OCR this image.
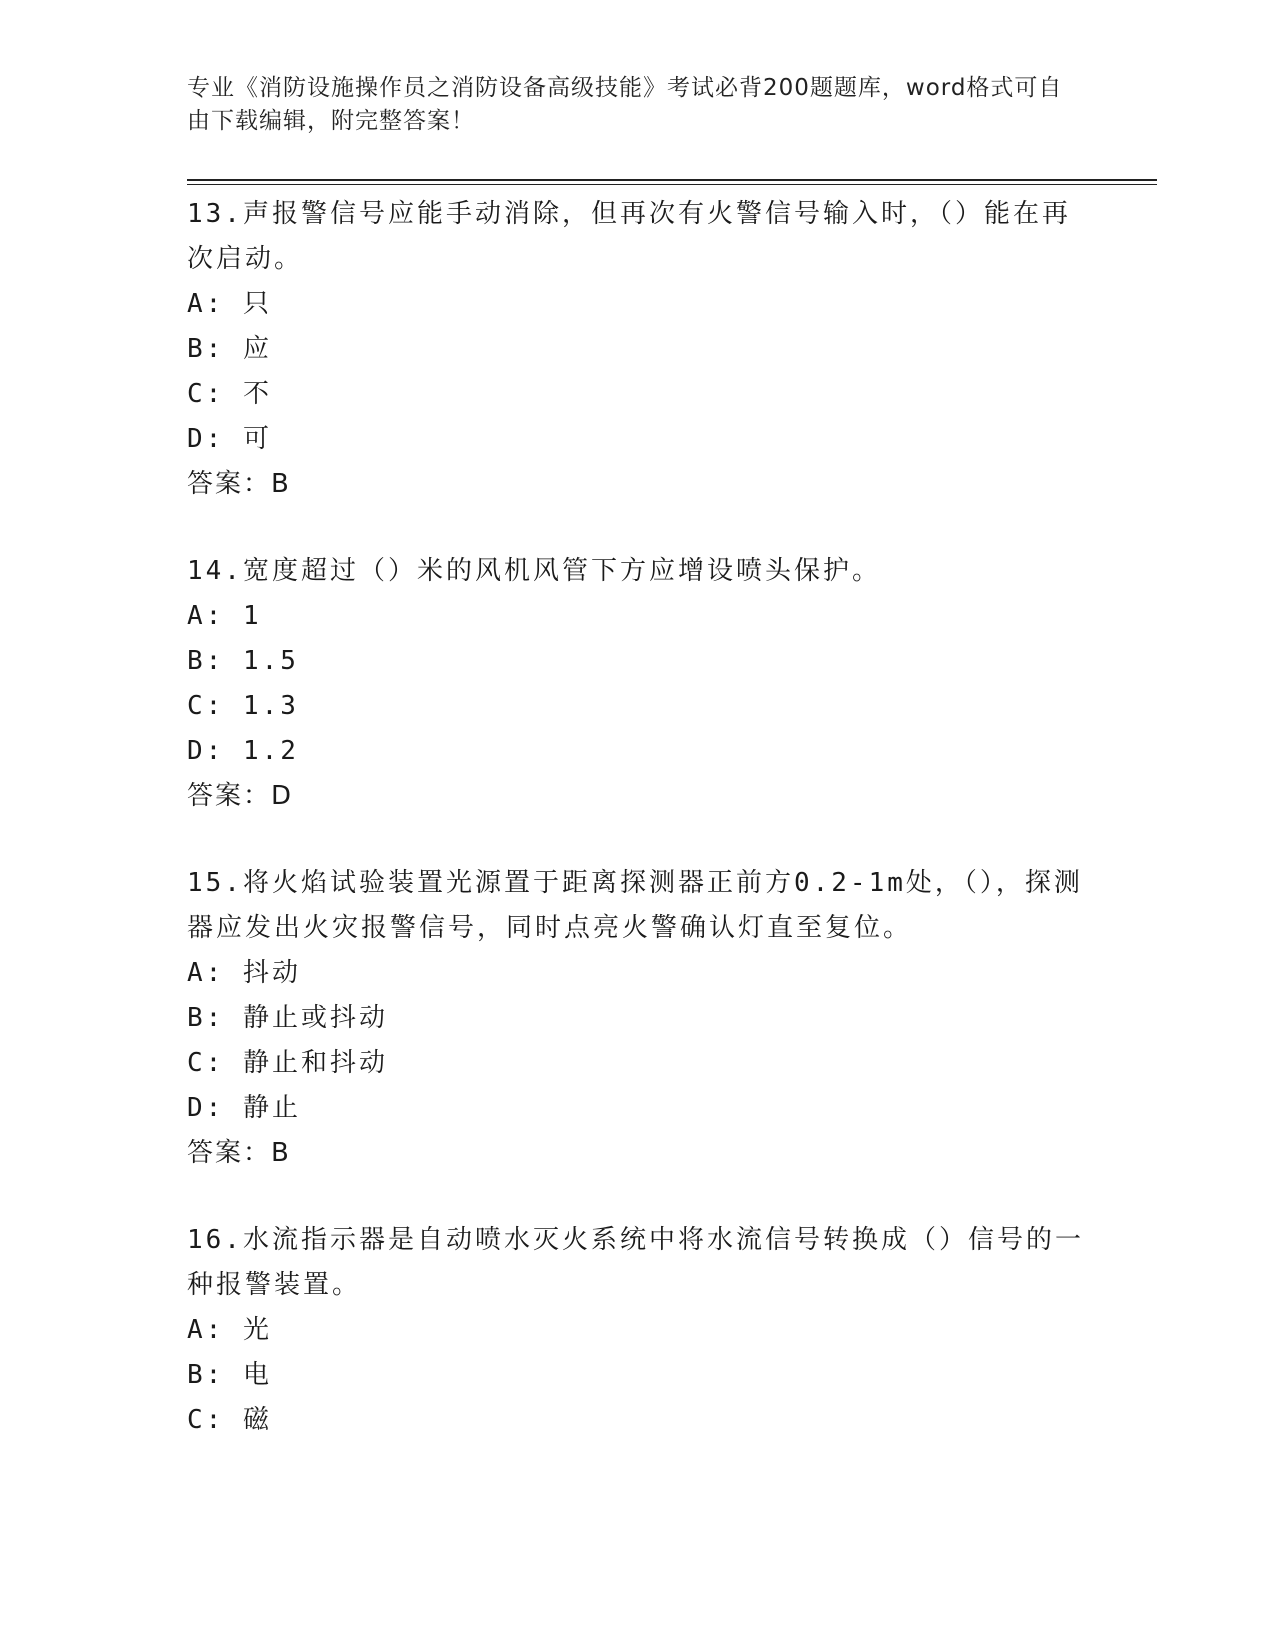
专业《消防设施操作员之消防设备高级技能》考试必背200题题库，word格式可自由下载编辑，附完整答案！

13.声报警信号应能手动消除，但再次有火警信号输入时，（）能在再次启动。

A: 只

B: 应

C: 不

D: 可

答案：B

14.宽度超过（）米的风机风管下方应增设喷头保护。

A: 1

B: 1.5

C: 1.3

D: 1.2

答案：D

15.将火焰试验装置光源置于距离探测器正前方0.2-1m处，（），探测器应发出火灾报警信号，同时点亮火警确认灯直至复位。

A: 抖动

B: 静止或抖动

C: 静止和抖动

D: 静止

答案：B

16.水流指示器是自动喷水灭火系统中将水流信号转换成（）信号的一种报警装置。

A: 光

B: 电

C: 磁
